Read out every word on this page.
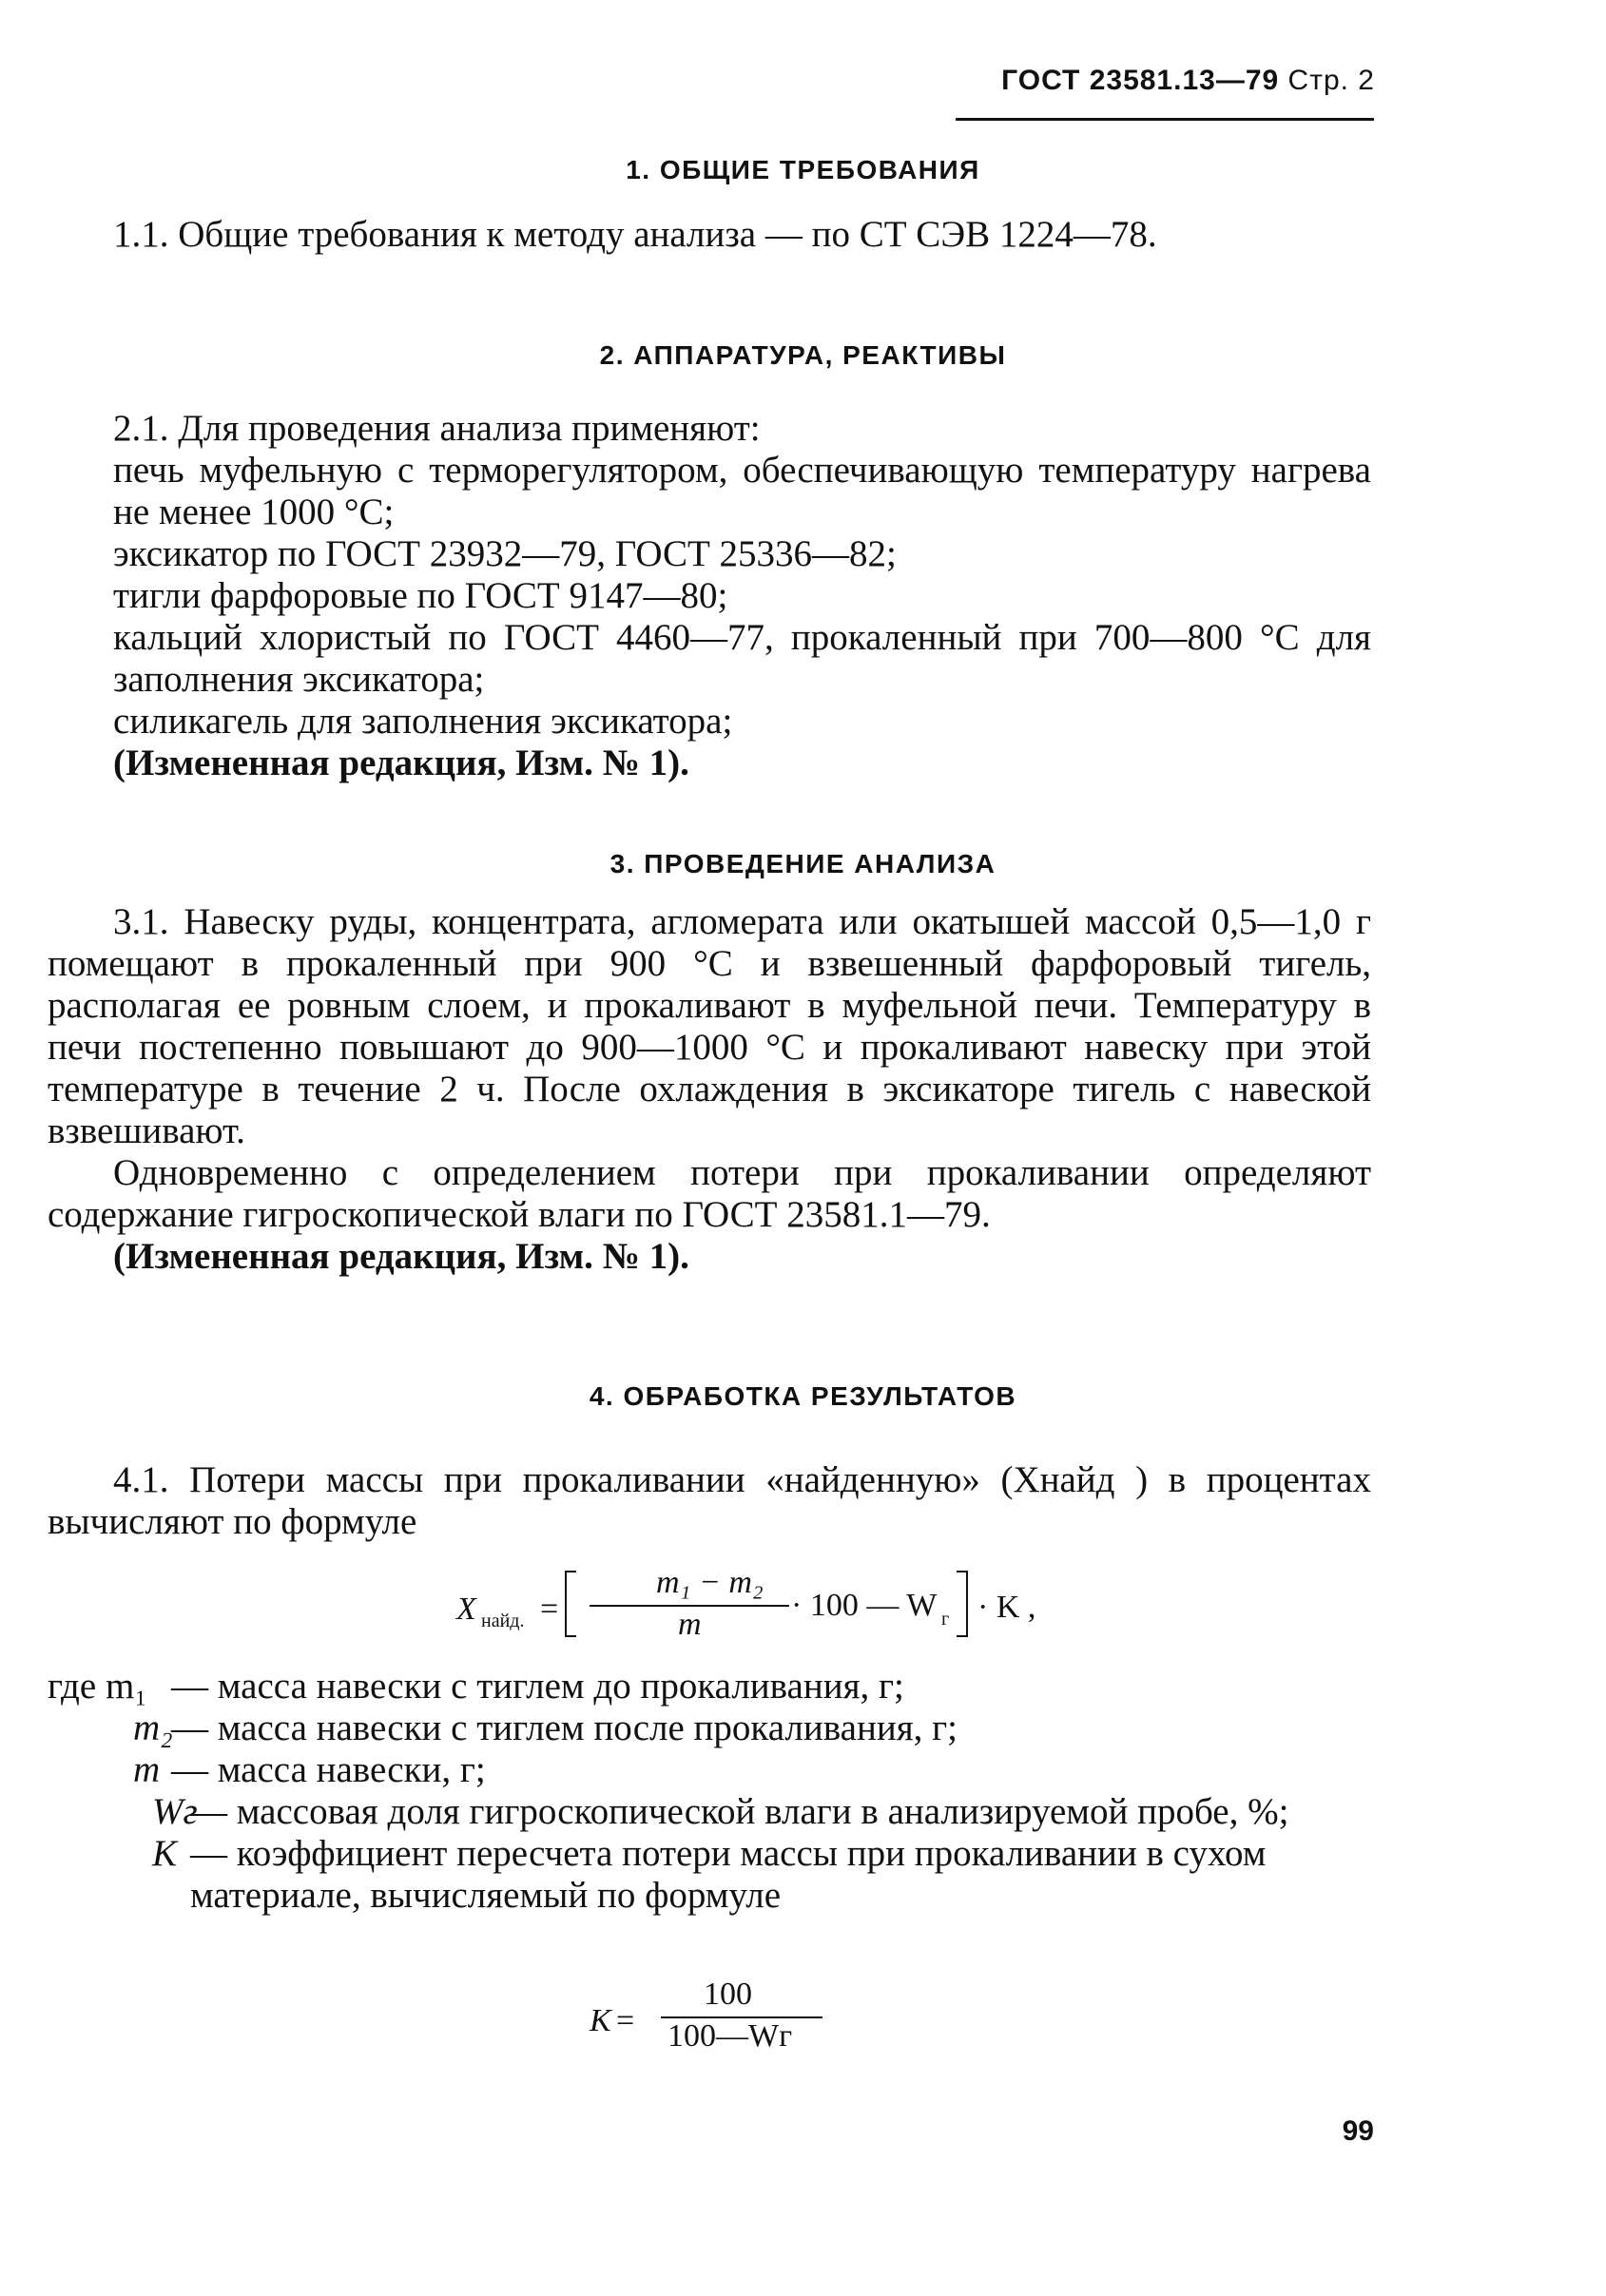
ГОСТ 23581.13—79 Стр. 2
1. ОБЩИЕ ТРЕБОВАНИЯ

1.1. Общие требования к методу анализа — по СТ СЭВ 1224—78.

2. АППАРАТУРА, РЕАКТИВЫ

2.1. Для проведения анализа применяют:

печь муфельную с терморегулятором, обеспечивающую температуру нагрева не менее 1000 °С;

эксикатор по ГОСТ 23932—79, ГОСТ 25336—82;

тигли фарфоровые по ГОСТ 9147—80;

кальций хлористый по ГОСТ 4460—77, прокаленный при 700—800 °С для заполнения эксикатора;

силикагель для заполнения эксикатора;

(Измененная редакция, Изм. № 1).

3. ПРОВЕДЕНИЕ АНАЛИЗА

3.1. Навеску руды, концентрата, агломерата или окатышей массой 0,5—1,0 г помещают в прокаленный при 900 °С и взвешенный фарфоровый тигель, располагая ее ровным слоем, и прокаливают в муфельной печи. Температуру в печи постепенно повышают до 900—1000 °С и прокаливают навеску при этой температуре в течение 2 ч. После охлаждения в эксикаторе тигель с навеской взвешивают.

Одновременно с определением потери при прокаливании определяют содержание гигроскопической влаги по ГОСТ 23581.1—79.

(Измененная редакция, Изм. № 1).

4. ОБРАБОТКА РЕЗУЛЬТАТОВ

4.1. Потери массы при прокаливании «найденную» (Xнайд ) в процентах вычисляют по формуле

X найд. =
m₁ − m₂
m
· 100 — W г · K ,
где m₁ — масса навески с тиглем до прокаливания, г;
m₂
— масса навески с тиглем после прокаливания, г;
m — масса навески, г;
Wг
— массовая доля гигроскопической влаги в анализируемой пробе, %;
K — коэффициент пересчета потери массы при прокаливании в сухом материале, вычисляемый по формуле
K =
100
100—Wг
99
